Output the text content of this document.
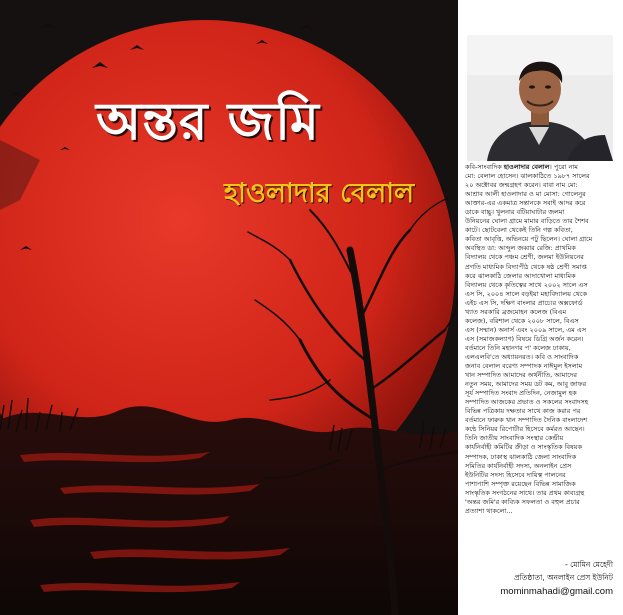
অন্তর জমি
হাওলাদার বেলাল
কবি-সাংবাদিক হাওলাদার বেলাল। পুরো নাম
মো: বেলাল হোসেন। ঝালকাঠিতে ১৯৮৭ সালের
২০ অক্টোবর জন্মগ্রহণ করেন। বাবা নাম মো:
আশ্রাব আলী হাওলাদার ও মা মোসা: গোলেনুর
আক্তার-এর একমাত্র সন্তানকে সবাই আদর করে
ডাকে বাচ্চু। খুলনার বটিয়াঘাটার জলমা
উনিয়নের ঘোলা গ্রামে মামার বাড়িতে তার শৈশব
কাটে। ছোটবেলা থেকেই তিনি গল্প কবিতা,
কবিতা আবৃত্তি, অভিনয়ে পটু ছিলেন। ঘোলা গ্রামে
অবস্থিত ডা: আব্দুল জব্বার রেজি: প্রাথমিক
বিদ্যালয় থেকে পঞ্চম শ্রেণী, জলমা ইউনিয়নের
প্রগতি মাধ্যমিক বিদ্যাপীঠ থেকে ষষ্ঠ শ্রেণী সমাপ্ত
করে ঝালকাঠি জেলার আদাখোলা মাধ্যমিক
বিদ্যালয় থেকে কৃতিত্বের সাথে ২০০২ সালে এস
এস সি, ২০০৪ সালে বড়ইয়া মহাবিদ্যালয় থেকে
এইচ এস সি, দক্ষিণ বাংলার প্রাচ্যের অক্সফোর্ড
খ্যাত সরকারি ব্রজমোহন কলেজ (বিএম
কলেজ), বরিশাল থেকে ২০০৮ সালে, বিএস
এস (সম্মান) অনার্স এবং ২০০৯ সালে, এম এস
এস (সমাজকল্যাণ) বিষয়ে ডিগ্রি অর্জন করেন।
বর্তমানে তিনি মহানগর প' কলেজ ঢাকায়,
এলএলবি'তে অধ্যায়নরত। কবি ও সাংবাদিক
জনাব বেলাল বরেণ্য সম্পাদক নাঈমুল ইসলাম
খান সম্পাদিত আমাদের অর্থনীতি, আমাদের
নতুন সময়, আমাদের সময় ডট কম, আবু জাফর
সূর্য সম্পাদিত সংবাদ প্রতিদিন, নেজামুল হক
সম্পাদিত আজকের প্রভাত ও সকলের সংবাদসহ
বিভিন্ন পত্রিকায় দক্ষতার সাথে কাজ করার পর
বর্তমানে ফারুক খান সম্পাদিত দৈনিক বাংলাদেশ
কন্ঠে সিনিয়র রিপোর্টার হিসেবে কর্মরত আছেন।
তিনি জাতীয় সাংবাদিক সংস্থার কেন্দ্রীয়
কার্যনির্বাহী কমিটির ক্রীড়া ও সাংস্কৃতিক বিষয়ক
সম্পাদক, ঢাকাস্থ ঝালকাঠি জেলা সাংবাদিক
সমিতির কার্যনির্বাহী সদস্য, অনলাইন প্রেস
ইউনিটির সদস্য হিসেবে দায়িত্ব পালনের
পাশাপাশি সম্পৃক্ত রয়েছেন বিভিন্ন সামাজিক
সাংস্কৃতিক সংগঠনের সাথে। তার প্রথম কাব্যগ্রন্থ
'অন্তর জমি'র কাব্যিক সফলতা ও বহুল প্রচার
প্রত্যাশা থাকলো...
- মোমিন মেহেদী
প্রতিষ্ঠাতা, অনলাইন প্রেস ইউনিট
mominmahadi@gmail.com
